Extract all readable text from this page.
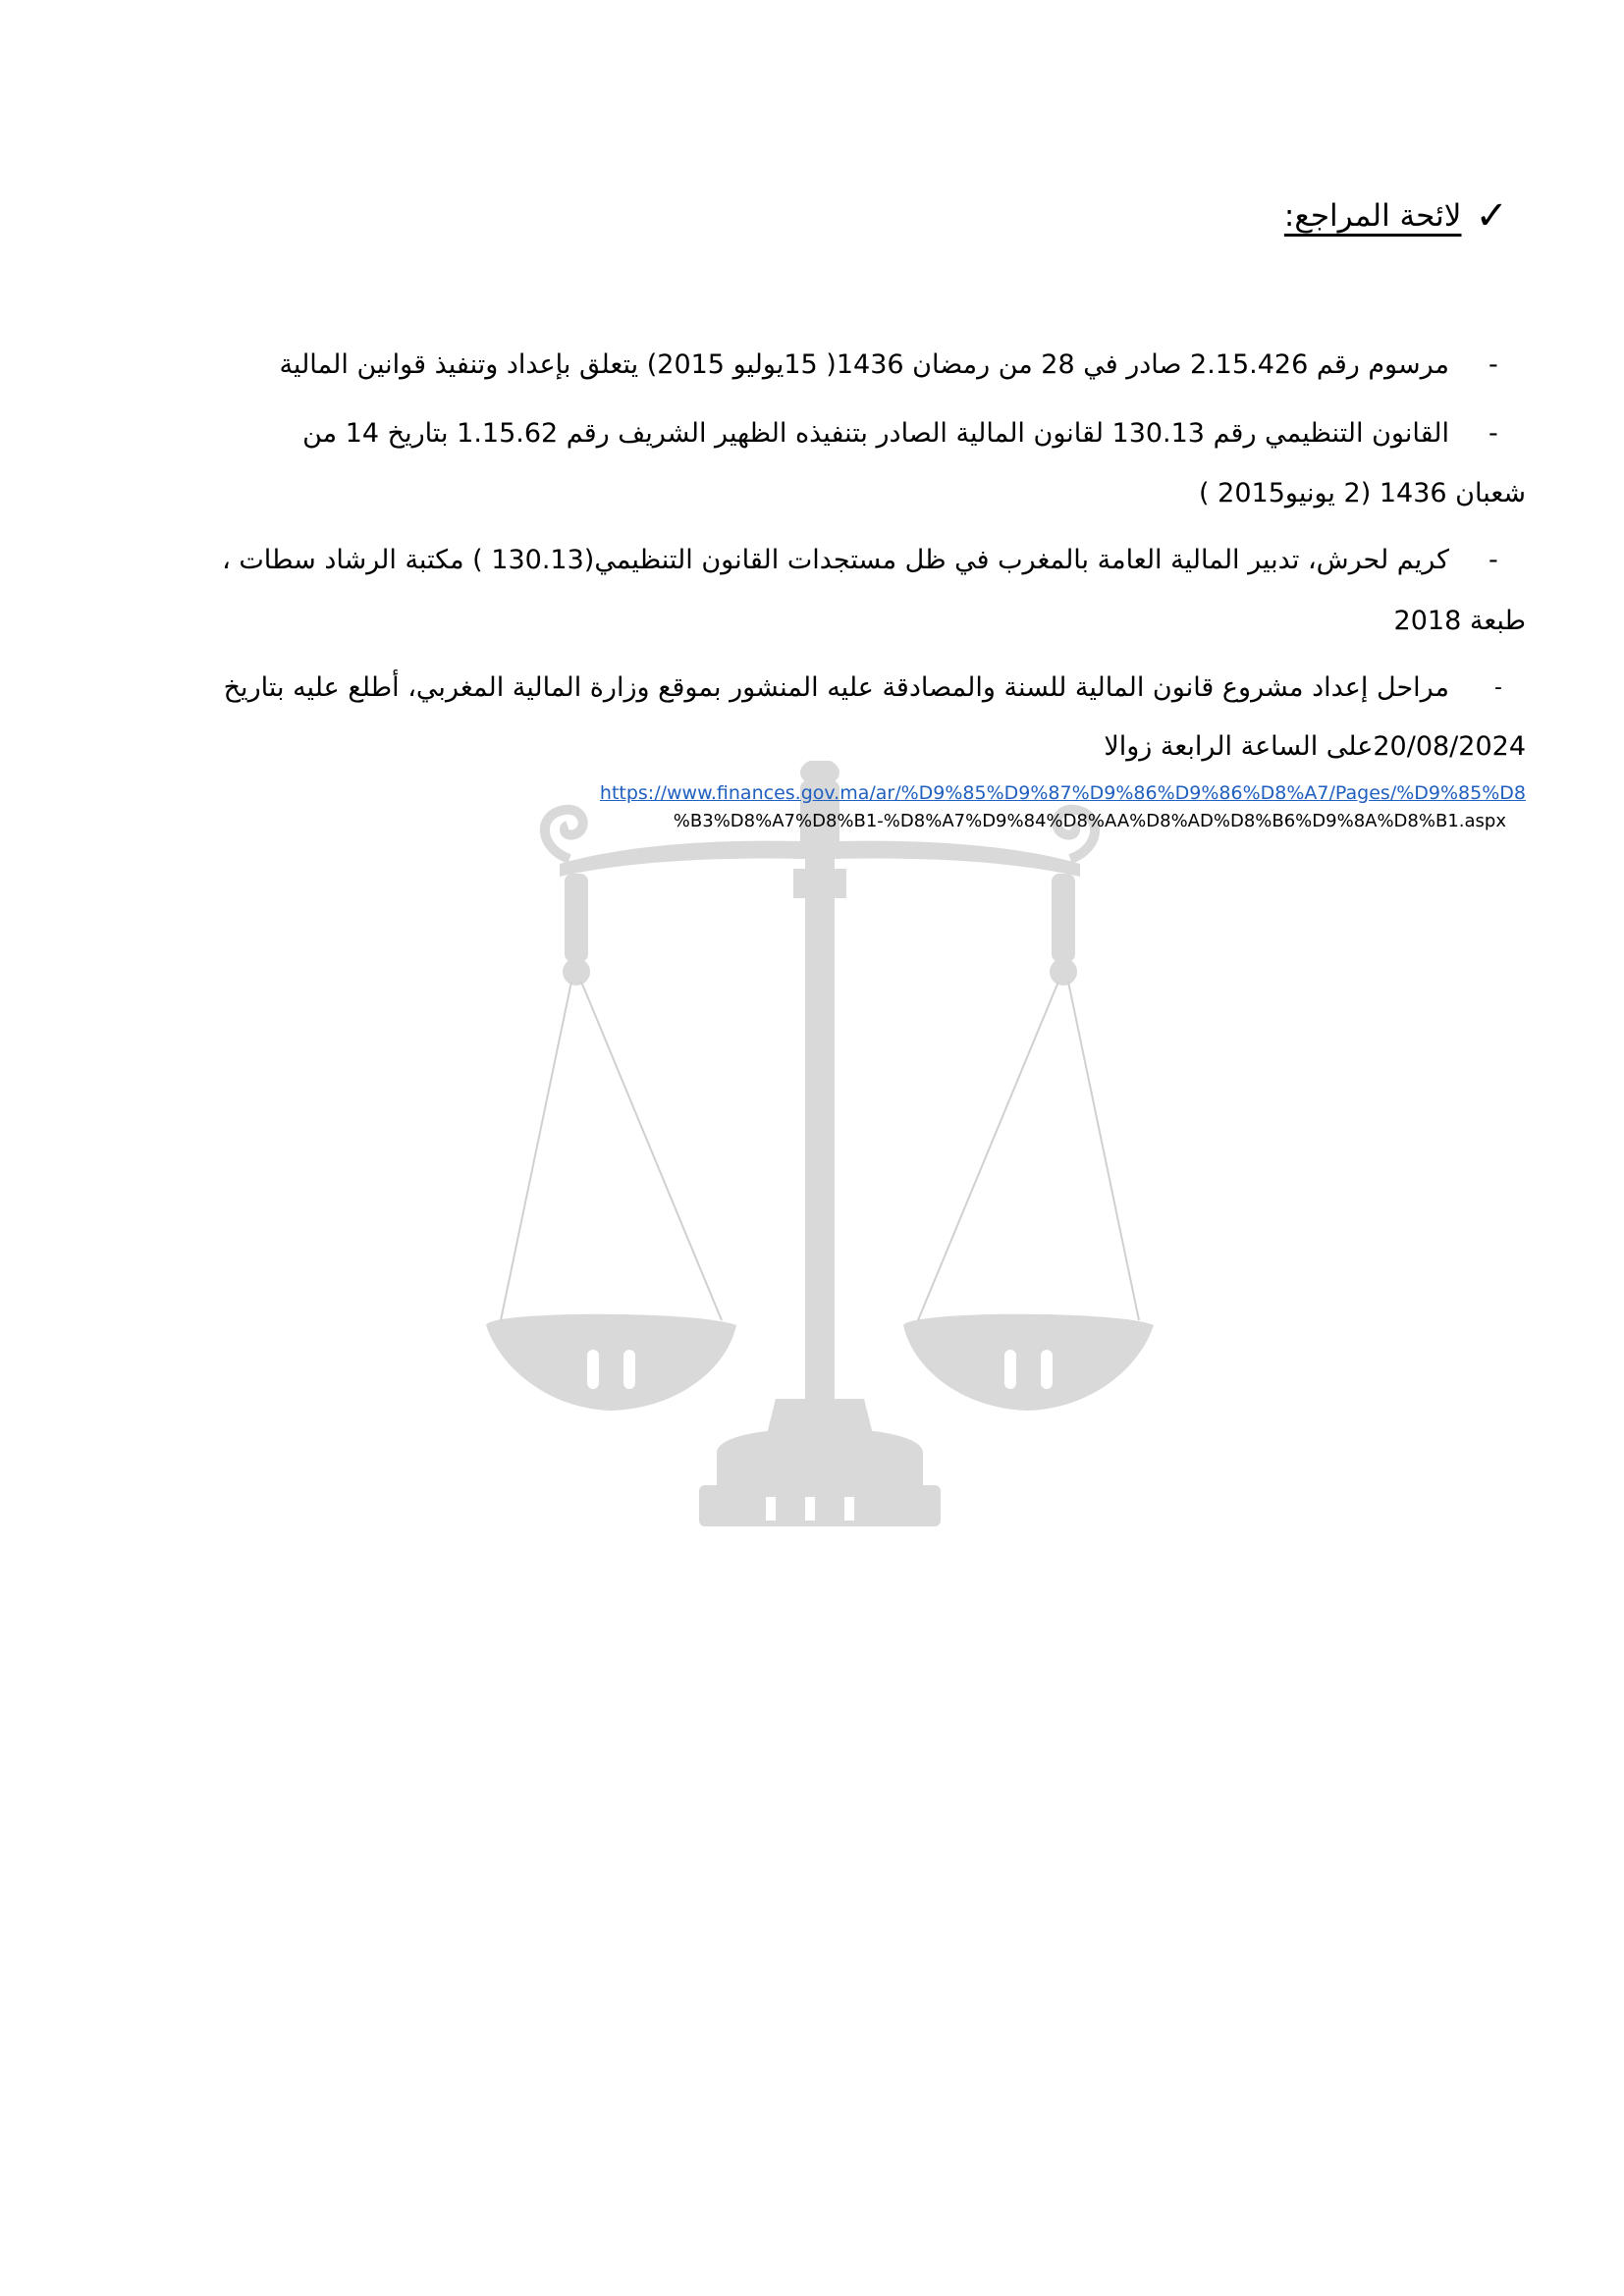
✓
لائحة المراجع:
-
مرسوم رقم 2.15.426 صادر في 28 من رمضان 1436( 15يوليو 2015) يتعلق بإعداد وتنفيذ قوانين المالية
-
القانون التنظيمي رقم 130.13 لقانون المالية الصادر بتنفيذه الظهير الشريف رقم 1.15.62 بتاريخ 14 من
شعبان 1436 (2 يونيو2015 )
-
كريم لحرش، تدبير المالية العامة بالمغرب في ظل مستجدات القانون التنظيمي(130.13 ) مكتبة الرشاد سطات ،
طبعة 2018
-
مراحل إعداد مشروع قانون المالية للسنة والمصادقة عليه المنشور بموقع وزارة المالية المغربي، أطلع عليه بتاريخ
20/08/2024على الساعة الرابعة زوالا
https://www.finances.gov.ma/ar/%D9%85%D9%87%D9%86%D9%86%D8%A7/Pages/%D9%85%D8
%B3%D8%A7%D8%B1-%D8%A7%D9%84%D8%AA%D8%AD%D8%B6%D9%8A%D8%B1.aspx
